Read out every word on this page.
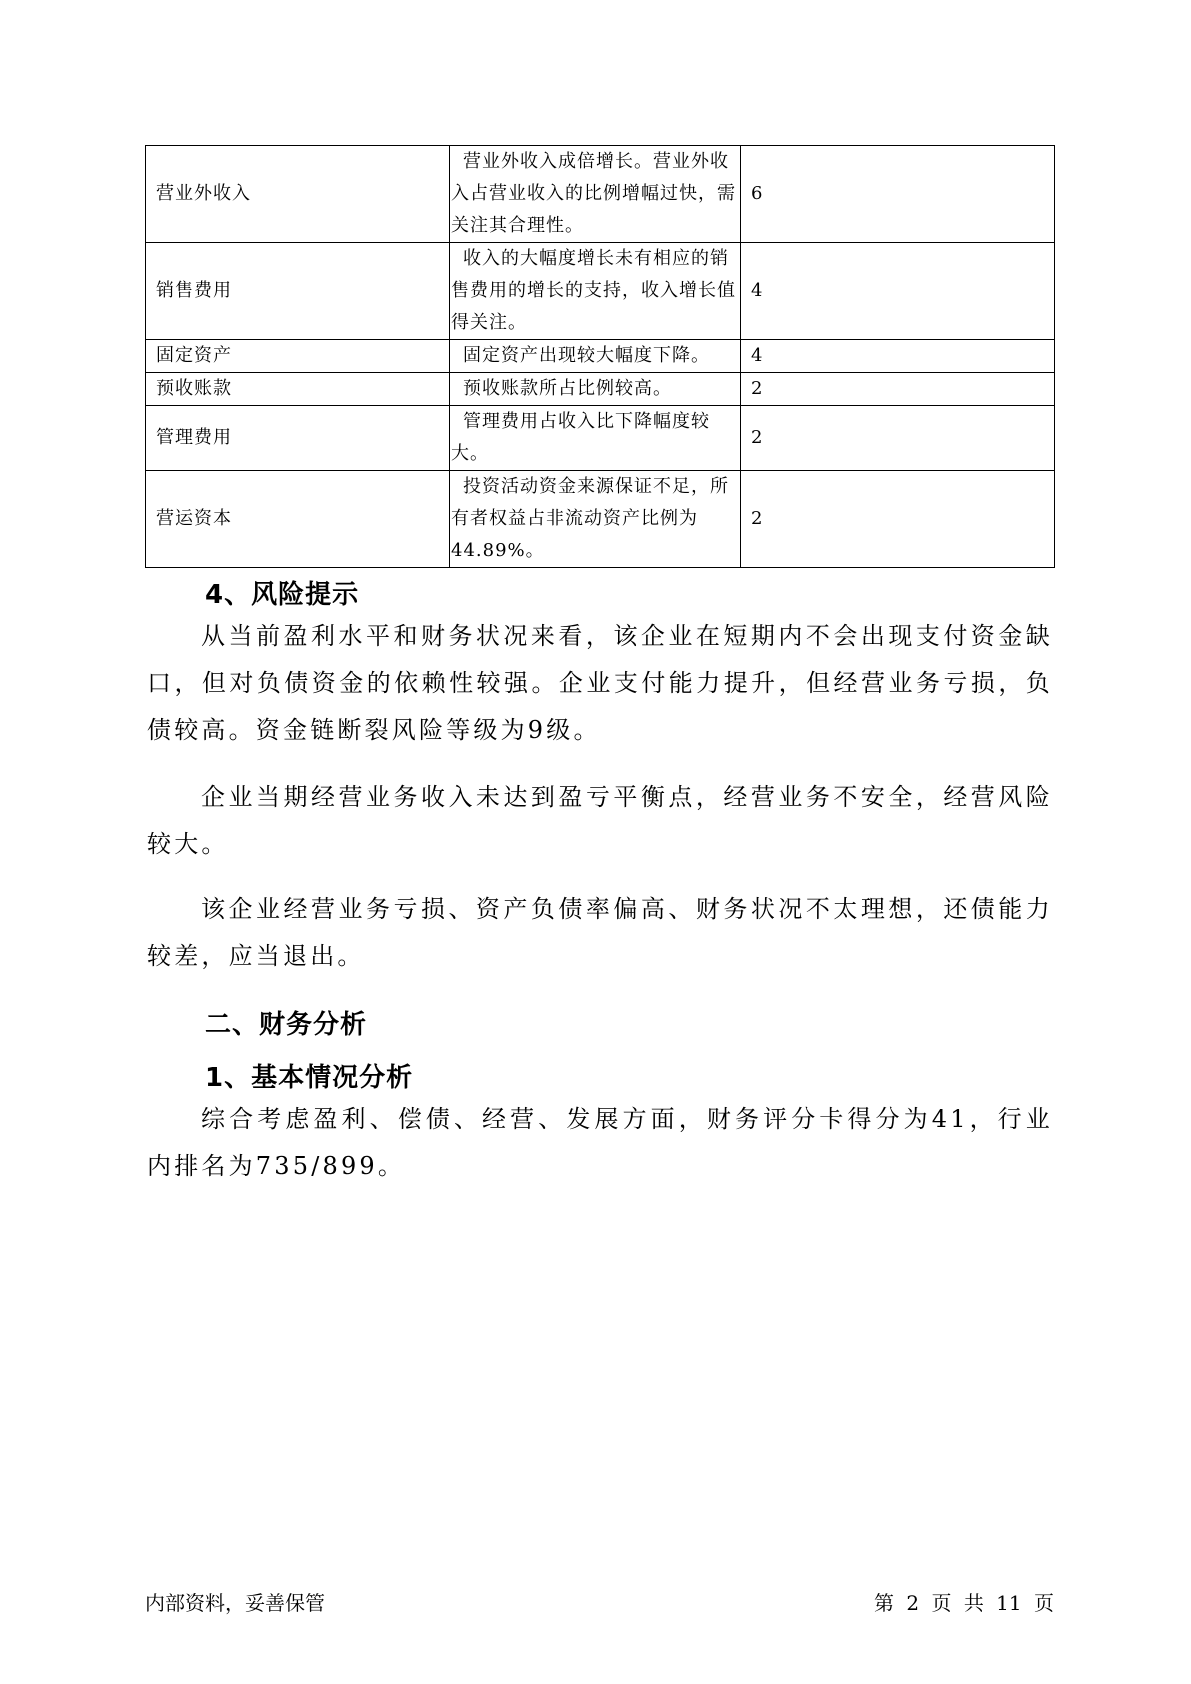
营业外收入	营业外收入成倍增长。营业外收入占营业收入的比例增幅过快，需关注其合理性。	6
销售费用	收入的大幅度增长未有相应的销售费用的增长的支持，收入增长值得关注。	4
固定资产	固定资产出现较大幅度下降。	4
预收账款	预收账款所占比例较高。	2
管理费用	管理费用占收入比下降幅度较大。	2
营运资本	投资活动资金来源保证不足，所有者权益占非流动资产比例为44.89%。	2
4、风险提示

从当前盈利水平和财务状况来看，该企业在短期内不会出现支付资金缺口，但对负债资金的依赖性较强。企业支付能力提升，但经营业务亏损，负债较高。资金链断裂风险等级为9级。

企业当期经营业务收入未达到盈亏平衡点，经营业务不安全，经营风险较大。

该企业经营业务亏损、资产负债率偏高、财务状况不太理想，还债能力较差，应当退出。

二、财务分析
1、基本情况分析

综合考虑盈利、偿债、经营、发展方面，财务评分卡得分为41，行业内排名为735/899。

内部资料，妥善保管	第 2 页 共 11 页
